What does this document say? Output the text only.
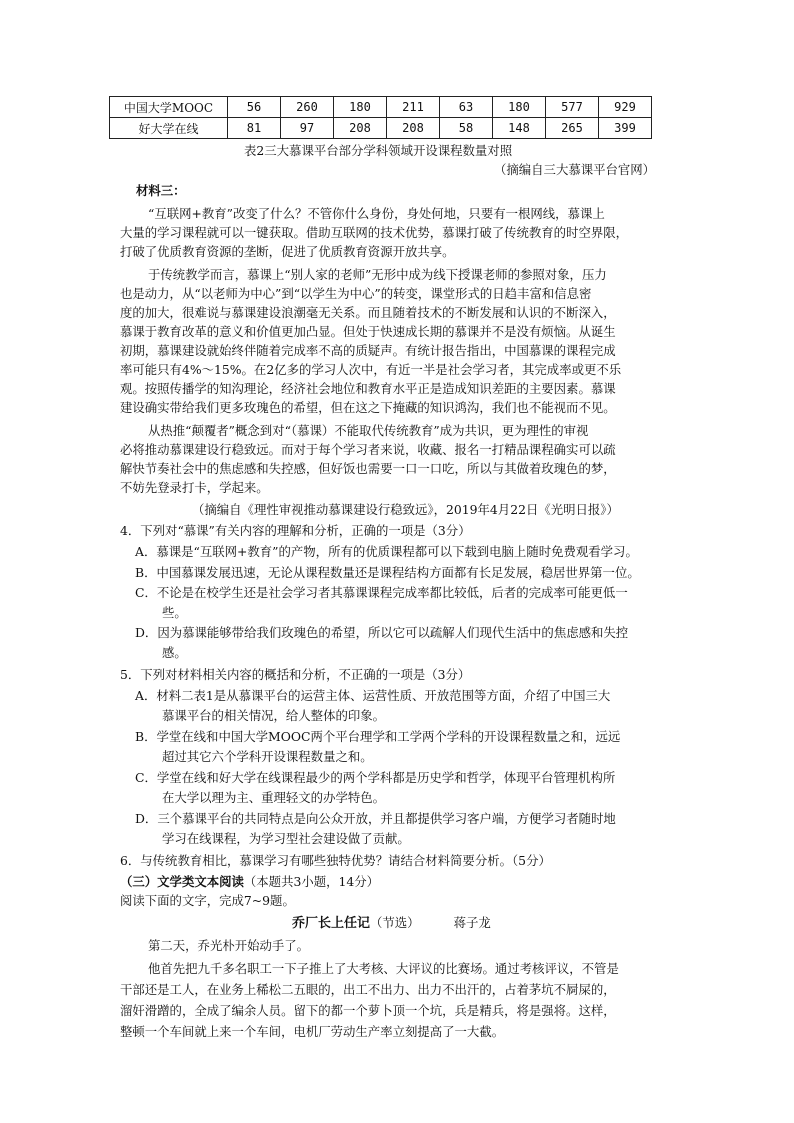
中国大学MOOC	56	260	180	211	63	180	577	929
好大学在线	81	97	208	208	58	148	265	399
表2三大慕课平台部分学科领域开设课程数量对照
（摘编自三大慕课平台官网）
材料三：
“互联网+教育”改变了什么？不管你什么身份，身处何地，只要有一根网线，慕课上
大量的学习课程就可以一键获取。借助互联网的技术优势，慕课打破了传统教育的时空界限，
打破了优质教育资源的垄断，促进了优质教育资源开放共享。
于传统教学而言，慕课上“别人家的老师”无形中成为线下授课老师的参照对象，压力
也是动力，从“以老师为中心”到“以学生为中心”的转变，课堂形式的日趋丰富和信息密
度的加大，很难说与慕课建设浪潮毫无关系。而且随着技术的不断发展和认识的不断深入，
慕课于教育改革的意义和价值更加凸显。但处于快速成长期的慕课并不是没有烦恼。从诞生
初期，慕课建设就始终伴随着完成率不高的质疑声。有统计报告指出，中国慕课的课程完成
率可能只有4%～15%。在2亿多的学习人次中，有近一半是社会学习者，其完成率或更不乐
观。按照传播学的知沟理论，经济社会地位和教育水平正是造成知识差距的主要因素。慕课
建设确实带给我们更多玫瑰色的希望，但在这之下掩藏的知识鸿沟，我们也不能视而不见。
从热推“颠覆者”概念到对“（慕课）不能取代传统教育”成为共识，更为理性的审视
必将推动慕课建设行稳致远。而对于每个学习者来说，收藏、报名一打精品课程确实可以疏
解快节奏社会中的焦虑感和失控感，但好饭也需要一口一口吃，所以与其做着玫瑰色的梦，
不妨先登录打卡，学起来。
（摘编自《理性审视推动慕课建设行稳致远》，2019年4月22日《光明日报》）
4．下列对“慕课”有关内容的理解和分析，正确的一项是（3分）
A．慕课是“互联网+教育”的产物，所有的优质课程都可以下载到电脑上随时免费观看学习。
B．中国慕课发展迅速，无论从课程数量还是课程结构方面都有长足发展，稳居世界第一位。
C．不论是在校学生还是社会学习者其慕课课程完成率都比较低，后者的完成率可能更低一
些。
D．因为慕课能够带给我们玫瑰色的希望，所以它可以疏解人们现代生活中的焦虑感和失控
感。
5．下列对材料相关内容的概括和分析，不正确的一项是（3分）
A．材料二表1是从慕课平台的运营主体、运营性质、开放范围等方面，介绍了中国三大
慕课平台的相关情况，给人整体的印象。
B．学堂在线和中国大学MOOC两个平台理学和工学两个学科的开设课程数量之和，远远
超过其它六个学科开设课程数量之和。
C．学堂在线和好大学在线课程最少的两个学科都是历史学和哲学，体现平台管理机构所
在大学以理为主、重理轻文的办学特色。
D．三个慕课平台的共同特点是向公众开放，并且都提供学习客户端，方便学习者随时地
学习在线课程，为学习型社会建设做了贡献。
6．与传统教育相比，慕课学习有哪些独特优势？请结合材料简要分析。（5分）
（三）文学类文本阅读（本题共3小题，14分）
阅读下面的文字，完成7~9题。
乔厂长上任记（节选）	蒋子龙
第二天，乔光朴开始动手了。
他首先把九千多名职工一下子推上了大考核、大评议的比赛场。通过考核评议，不管是
干部还是工人，在业务上稀松二五眼的，出工不出力、出力不出汗的，占着茅坑不屙屎的，
溜奸滑蹭的，全成了编余人员。留下的都一个萝卜顶一个坑，兵是精兵，将是强将。这样，
整顿一个车间就上来一个车间，电机厂劳动生产率立刻提高了一大截。
